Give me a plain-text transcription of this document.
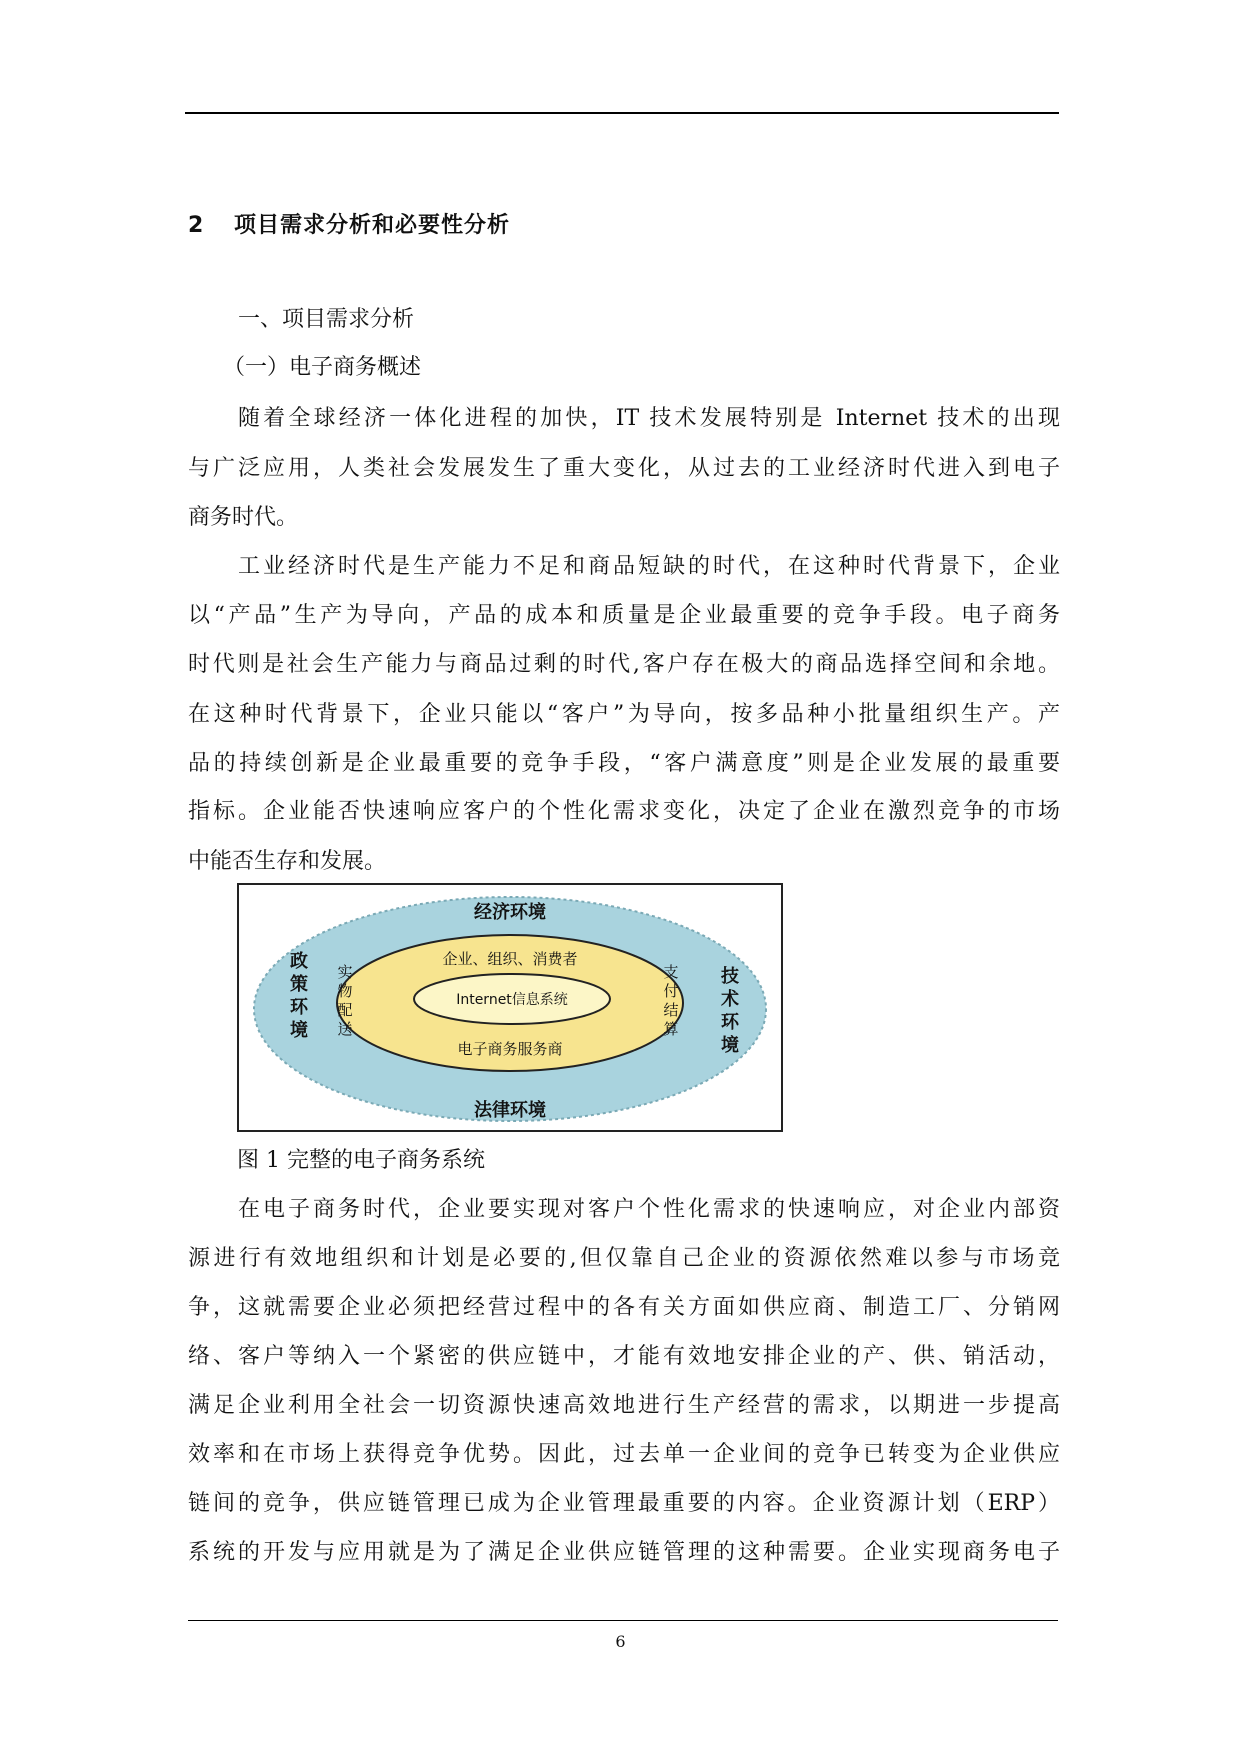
2 项目需求分析和必要性分析
一、项目需求分析
（一）电子商务概述
随着全球经济一体化进程的加快，IT 技术发展特别是 Internet 技术的出现
与广泛应用，人类社会发展发生了重大变化，从过去的工业经济时代进入到电子
商务时代。
工业经济时代是生产能力不足和商品短缺的时代，在这种时代背景下，企业
以“产品”生产为导向，产品的成本和质量是企业最重要的竞争手段。电子商务
时代则是社会生产能力与商品过剩的时代,客户存在极大的商品选择空间和余地。
在这种时代背景下，企业只能以“客户”为导向，按多品种小批量组织生产。产
品的持续创新是企业最重要的竞争手段，“客户满意度”则是企业发展的最重要
指标。企业能否快速响应客户的个性化需求变化，决定了企业在激烈竞争的市场
中能否生存和发展。
在电子商务时代，企业要实现对客户个性化需求的快速响应，对企业内部资
源进行有效地组织和计划是必要的,但仅靠自己企业的资源依然难以参与市场竞
争，这就需要企业必须把经营过程中的各有关方面如供应商、制造工厂、分销网
络、客户等纳入一个紧密的供应链中，才能有效地安排企业的产、供、销活动，
满足企业利用全社会一切资源快速高效地进行生产经营的需求，以期进一步提高
效率和在市场上获得竞争优势。因此，过去单一企业间的竞争已转变为企业供应
链间的竞争，供应链管理已成为企业管理最重要的内容。企业资源计划（ERP）
系统的开发与应用就是为了满足企业供应链管理的这种需要。企业实现商务电子
经济环境
法律环境
政
策
环
境
技
术
环
境
企业、组织、消费者
电子商务服务商
实
物
配
送
支
付
结
算
Internet信息系统
图 1 完整的电子商务系统
6
